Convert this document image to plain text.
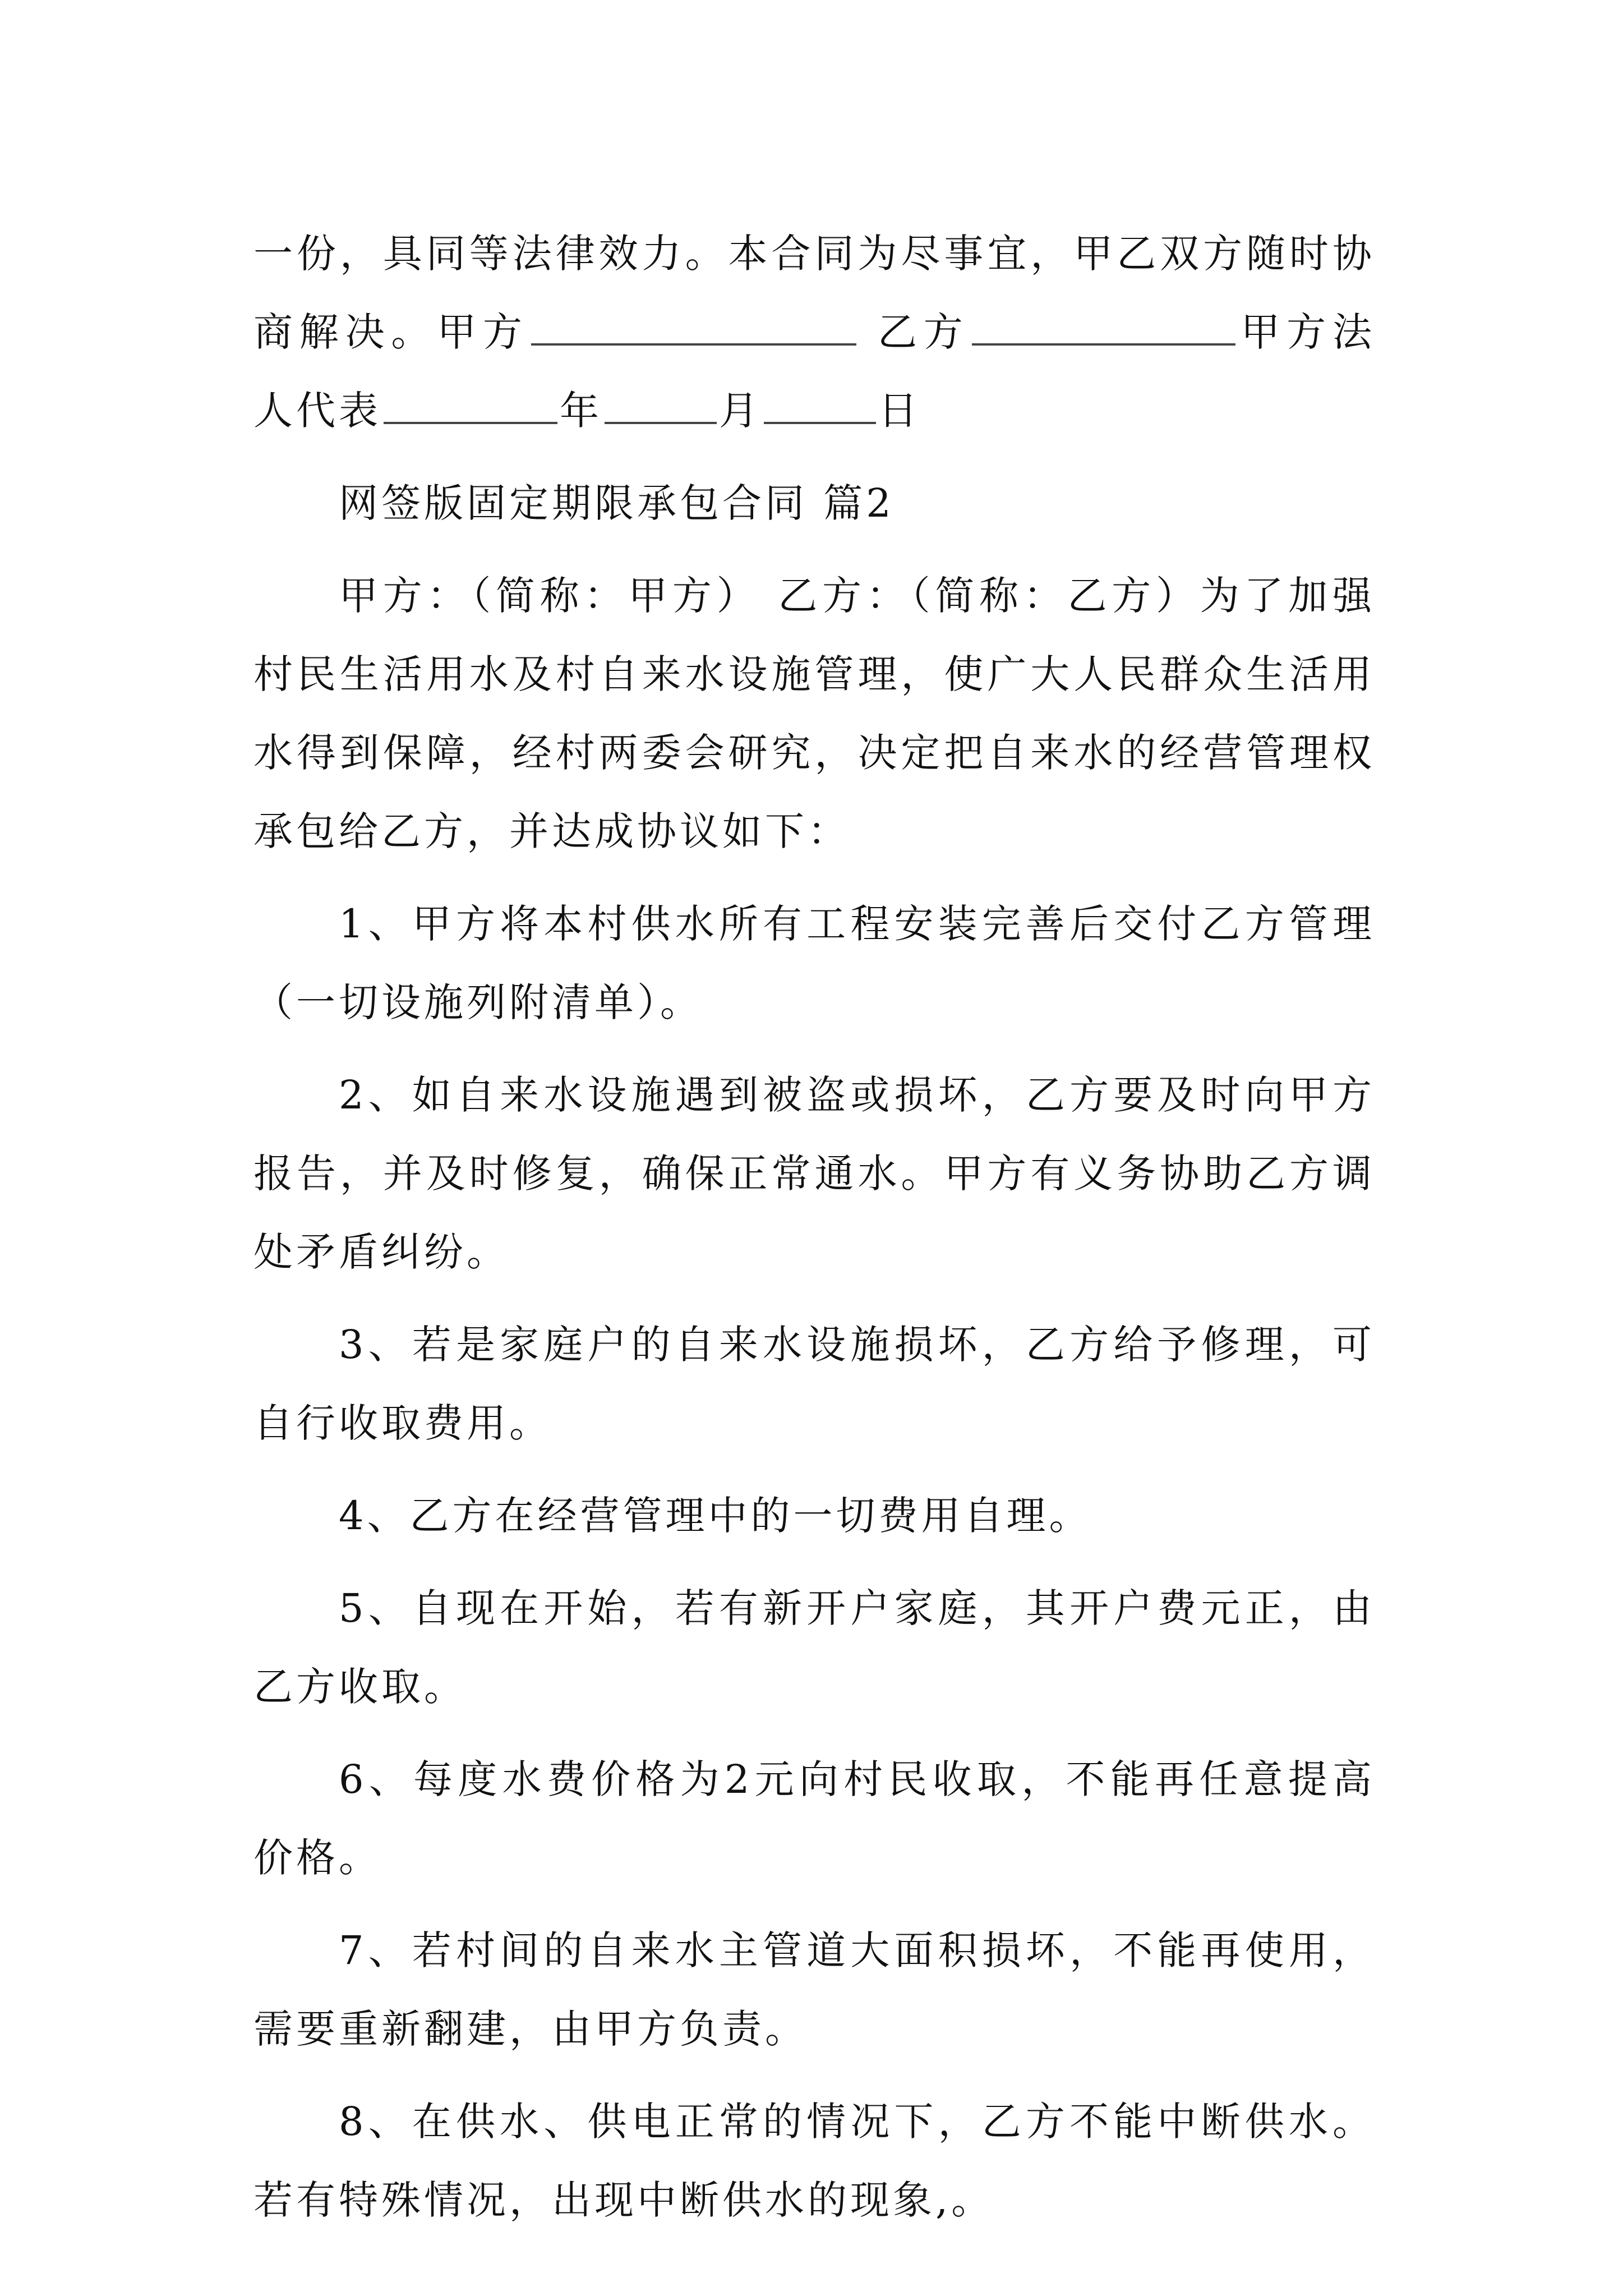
一份，具同等法律效力。本合同为尽事宜，甲乙双方随时协商解决。甲方	乙方	甲方法人代表	年	月	日

网签版固定期限承包合同 篇2

甲方：（简称：甲方） 乙方：（简称：乙方）为了加强村民生活用水及村自来水设施管理，使广大人民群众生活用水得到保障，经村两委会研究，决定把自来水的经营管理权承包给乙方，并达成协议如下：

1、甲方将本村供水所有工程安装完善后交付乙方管理（一切设施列附清单）。

2、如自来水设施遇到被盗或损坏，乙方要及时向甲方报告，并及时修复，确保正常通水。甲方有义务协助乙方调处矛盾纠纷。

3、若是家庭户的自来水设施损坏，乙方给予修理，可自行收取费用。

4、乙方在经营管理中的一切费用自理。

5、自现在开始，若有新开户家庭，其开户费元正，由乙方收取。

6、每度水费价格为2元向村民收取，不能再任意提高价格。

7、若村间的自来水主管道大面积损坏，不能再使用，需要重新翻建，由甲方负责。

8、在供水、供电正常的情况下，乙方不能中断供水。若有特殊情况，出现中断供水的现象,。
